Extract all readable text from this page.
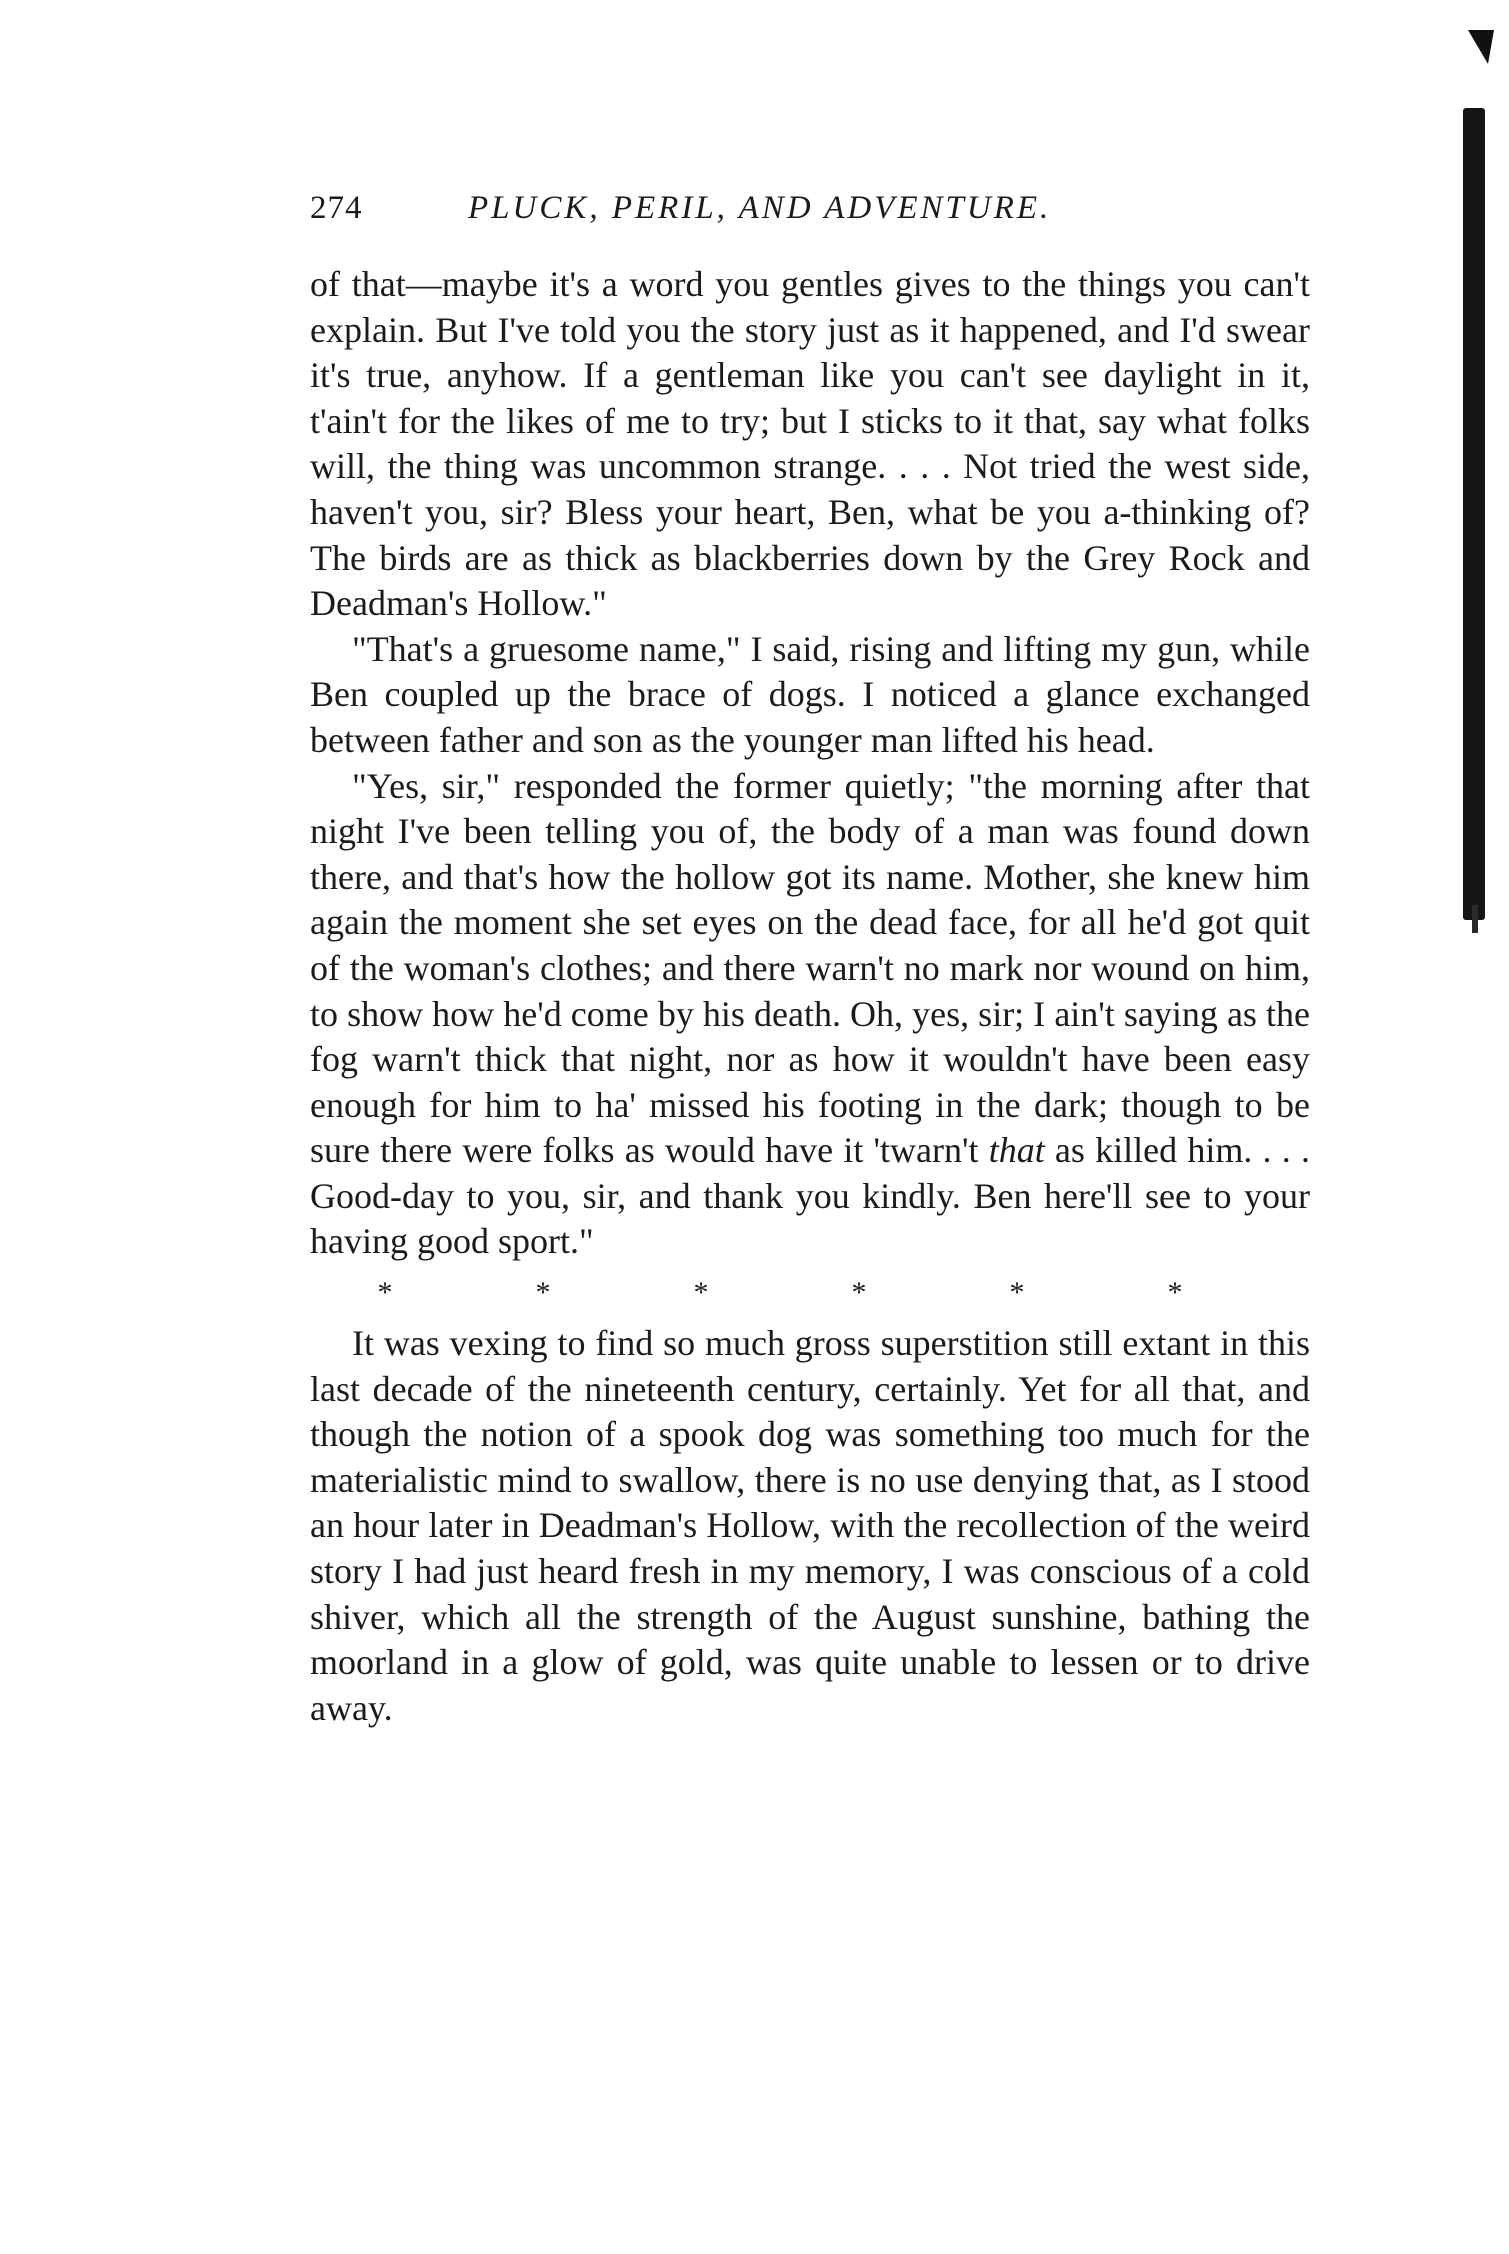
274	PLUCK, PERIL, AND ADVENTURE.

of that—maybe it's a word you gentles gives to the things you can't explain. But I've told you the story just as it happened, and I'd swear it's true, anyhow. If a gentleman like you can't see daylight in it, t'ain't for the likes of me to try; but I sticks to it that, say what folks will, the thing was uncommon strange. . . . Not tried the west side, haven't you, sir? Bless your heart, Ben, what be you a-thinking of? The birds are as thick as blackberries down by the Grey Rock and Deadman's Hollow."

"That's a gruesome name," I said, rising and lifting my gun, while Ben coupled up the brace of dogs. I noticed a glance exchanged between father and son as the younger man lifted his head.

"Yes, sir," responded the former quietly; "the morning after that night I've been telling you of, the body of a man was found down there, and that's how the hollow got its name. Mother, she knew him again the moment she set eyes on the dead face, for all he'd got quit of the woman's clothes; and there warn't no mark nor wound on him, to show how he'd come by his death. Oh, yes, sir; I ain't saying as the fog warn't thick that night, nor as how it wouldn't have been easy enough for him to ha' missed his footing in the dark; though to be sure there were folks as would have it 'twarn't that as killed him. . . . Good-day to you, sir, and thank you kindly. Ben here'll see to your having good sport."

*	*	*	*	*	*

It was vexing to find so much gross superstition still extant in this last decade of the nineteenth century, certainly. Yet for all that, and though the notion of a spook dog was something too much for the materialistic mind to swallow, there is no use denying that, as I stood an hour later in Deadman's Hollow, with the recollection of the weird story I had just heard fresh in my memory, I was conscious of a cold shiver, which all the strength of the August sunshine, bathing the moorland in a glow of gold, was quite unable to lessen or to drive away.
